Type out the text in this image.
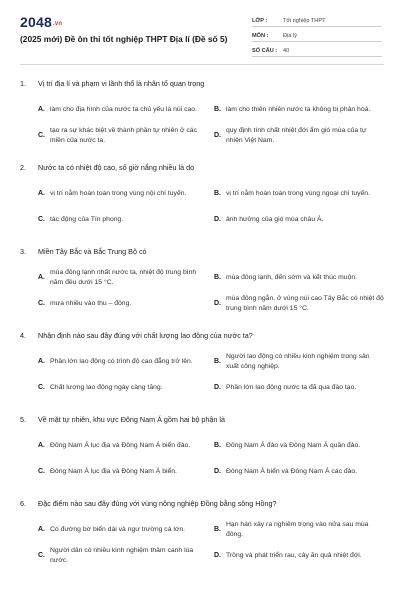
2048.vn
(2025 mới) Đề ôn thi tốt nghiệp THPT Địa lí (Đề số 5)
LỚP :	Tốt nghiệp THPT
MÔN :	Địa lý
SỐ CÂU :	40
1.	Vị trí địa lí và phạm vi lãnh thổ là nhân tố quan trọng
A. làm cho địa hình của nước ta chủ yếu là núi cao.	B. làm cho thiên nhiên nước ta không bị phân hoá.
C.
tạo ra sự khác biệt về thành phần tự nhiên ở các miền của nước ta.
D.
quy định tính chất nhiệt đới ẩm gió mùa của tự nhiên Việt Nam.
2.	Nước ta có nhiệt độ cao, số giờ nắng nhiều là do
A. vị trí nằm hoàn toàn trong vùng nội chí tuyến.	B. vị trí nằm hoàn toàn trong vùng ngoại chí tuyến.
C. tác động của Tín phong.	D. ảnh hưởng của gió mùa châu Á.
3.	Miền Tây Bắc và Bắc Trung Bộ có
A.
mùa đông lạnh nhất nước ta, nhiệt độ trung bình năm đều dưới 15 °C.
B. mùa đông lạnh, đến sớm và kết thúc muộn.
C. mưa nhiều vào thu – đông.	D.
mùa đông ngắn, ở vùng núi cao Tây Bắc có nhiệt độ trung bình năm dưới 15 °C.
4.	Nhận định nào sau đây đúng với chất lượng lao động của nước ta?
A. Phần lớn lao động có trình độ cao đẳng trở lên.	B.
Người lao động có nhiều kinh nghiệm trong sản xuất công nghiệp.
C. Chất lượng lao động ngày càng tăng.	D. Phần lớn lao động nước ta đã qua đào tạo.
5.	Về mặt tự nhiên, khu vực Đông Nam Á gồm hai bộ phận là
A. Đông Nam Á lục địa và Đông Nam Á biển đảo.	B. Đông Nam Á đảo và Đông Nam Á quần đảo.
C. Đông Nam Á lục địa và Đông Nam Á biển.	D. Đông Nam Á biển và Đông Nam Á các đảo.
6.	Đặc điểm nào sau đây đúng với vùng nông nghiệp Đồng bằng sông Hồng?
A. Có đường bờ biển dài và ngư trường cá lớn.	B.
Hạn hán xảy ra nghiêm trọng vào nửa sau mùa đông.
C.
Người dân có nhiều kinh nghiệm thâm canh lúa nước.
D. Trồng và phát triển rau, cây ăn quả nhiệt đới.
